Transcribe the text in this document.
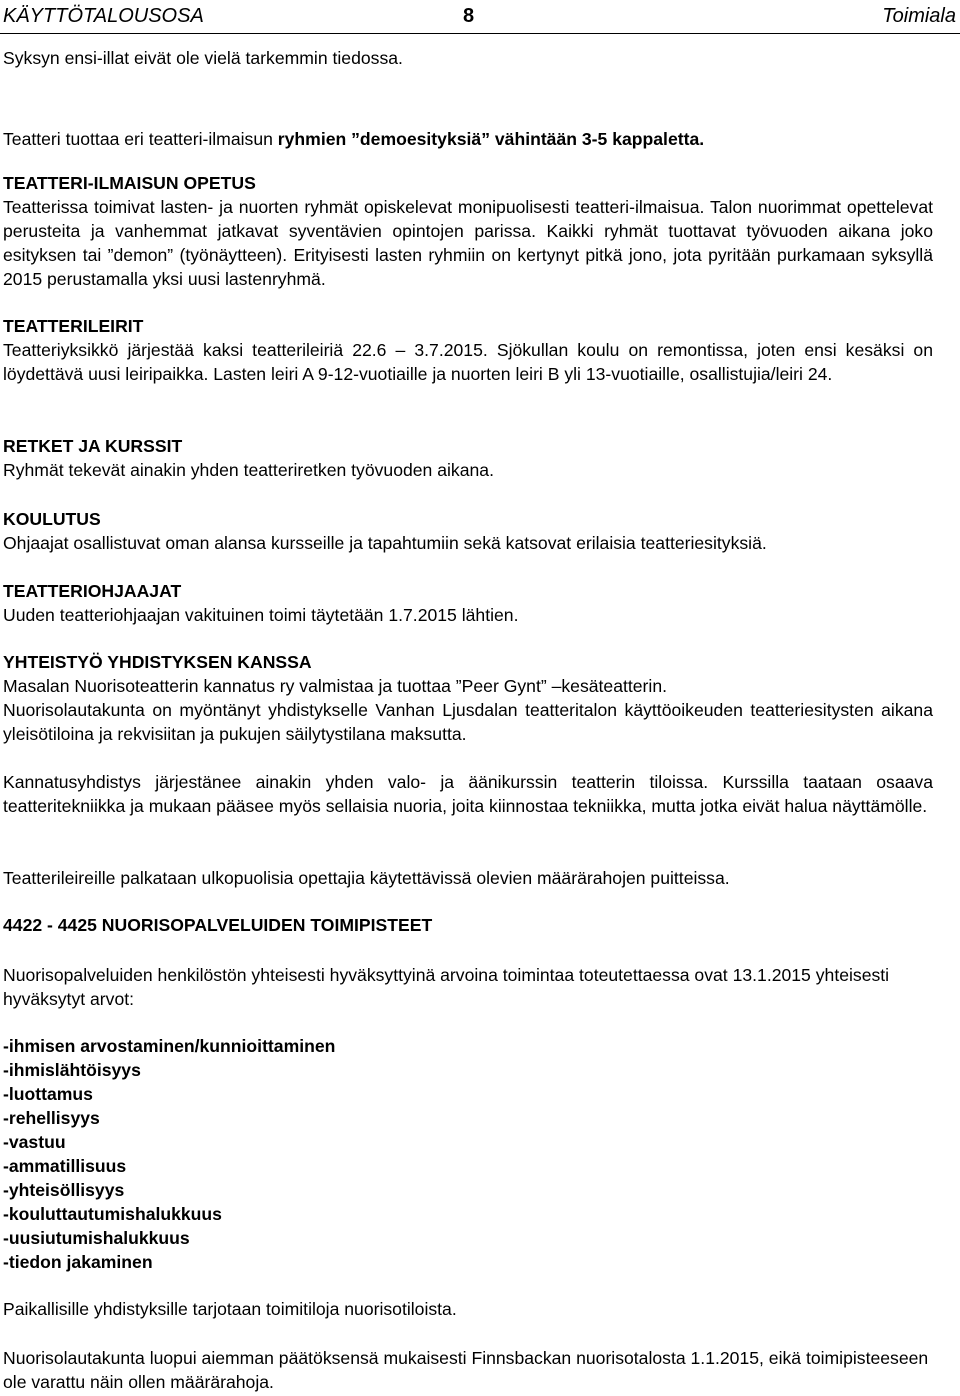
KÄYTTÖTALOUSOSA	8	Toimiala

Syksyn ensi-illat eivät ole vielä tarkemmin tiedossa.

Teatteri tuottaa eri teatteri-ilmaisun ryhmien ”demoesityksiä” vähintään 3-5 kappaletta.

TEATTERI-ILMAISUN OPETUS
Teatterissa toimivat lasten- ja nuorten ryhmät opiskelevat monipuolisesti teatteri-ilmaisua. Talon nuorimmat opettelevat perusteita ja vanhemmat jatkavat syventävien opintojen parissa. Kaikki ryhmät tuottavat työvuoden aikana joko esityksen tai ”demon” (työnäytteen). Erityisesti lasten ryhmiin on kertynyt pitkä jono, jota pyritään purkamaan syksyllä 2015 perustamalla yksi uusi lastenryhmä.
TEATTERILEIRIT
Teatteriyksikkö järjestää kaksi teatterileiriä 22.6 – 3.7.2015. Sjökullan koulu on remontissa, joten ensi kesäksi on löydettävä uusi leiripaikka. Lasten leiri A 9-12-vuotiaille ja nuorten leiri B yli 13-vuotiaille, osallistujia/leiri 24.
RETKET JA KURSSIT
Ryhmät tekevät ainakin yhden teatteriretken työvuoden aikana.
KOULUTUS
Ohjaajat osallistuvat oman alansa kursseille ja tapahtumiin sekä katsovat erilaisia teatteriesityksiä.
TEATTERIOHJAAJAT
Uuden teatteriohjaajan vakituinen toimi täytetään 1.7.2015 lähtien.
YHTEISTYÖ YHDISTYKSEN KANSSA
Masalan Nuorisoteatterin kannatus ry valmistaa ja tuottaa ”Peer Gynt” –kesäteatterin.
Nuorisolautakunta on myöntänyt yhdistykselle Vanhan Ljusdalan teatteritalon käyttöoikeuden teatteriesitysten aikana yleisötiloina ja rekvisiitan ja pukujen säilytystilana maksutta.

Kannatusyhdistys järjestänee ainakin yhden valo- ja äänikurssin teatterin tiloissa. Kurssilla taataan osaava teatteritekniikka ja mukaan pääsee myös sellaisia nuoria, joita kiinnostaa tekniikka, mutta jotka eivät halua näyttämölle.

Teatterileireille palkataan ulkopuolisia opettajia käytettävissä olevien määrärahojen puitteissa.

4422 - 4425 NUORISOPALVELUIDEN TOIMIPISTEET

Nuorisopalveluiden henkilöstön yhteisesti hyväksyttyinä arvoina toimintaa toteutettaessa ovat 13.1.2015 yhteisesti hyväksytyt arvot:

-ihmisen arvostaminen/kunnioittaminen
-ihmislähtöisyys
-luottamus
-rehellisyys
-vastuu
-ammatillisuus
-yhteisöllisyys
-kouluttautumishalukkuus
-uusiutumishalukkuus
-tiedon jakaminen

Paikallisille yhdistyksille tarjotaan toimitiloja nuorisotiloista.

Nuorisolautakunta luopui aiemman päätöksensä mukaisesti Finnsbackan nuorisotalosta 1.1.2015, eikä toimipisteeseen ole varattu näin ollen määrärahoja.
